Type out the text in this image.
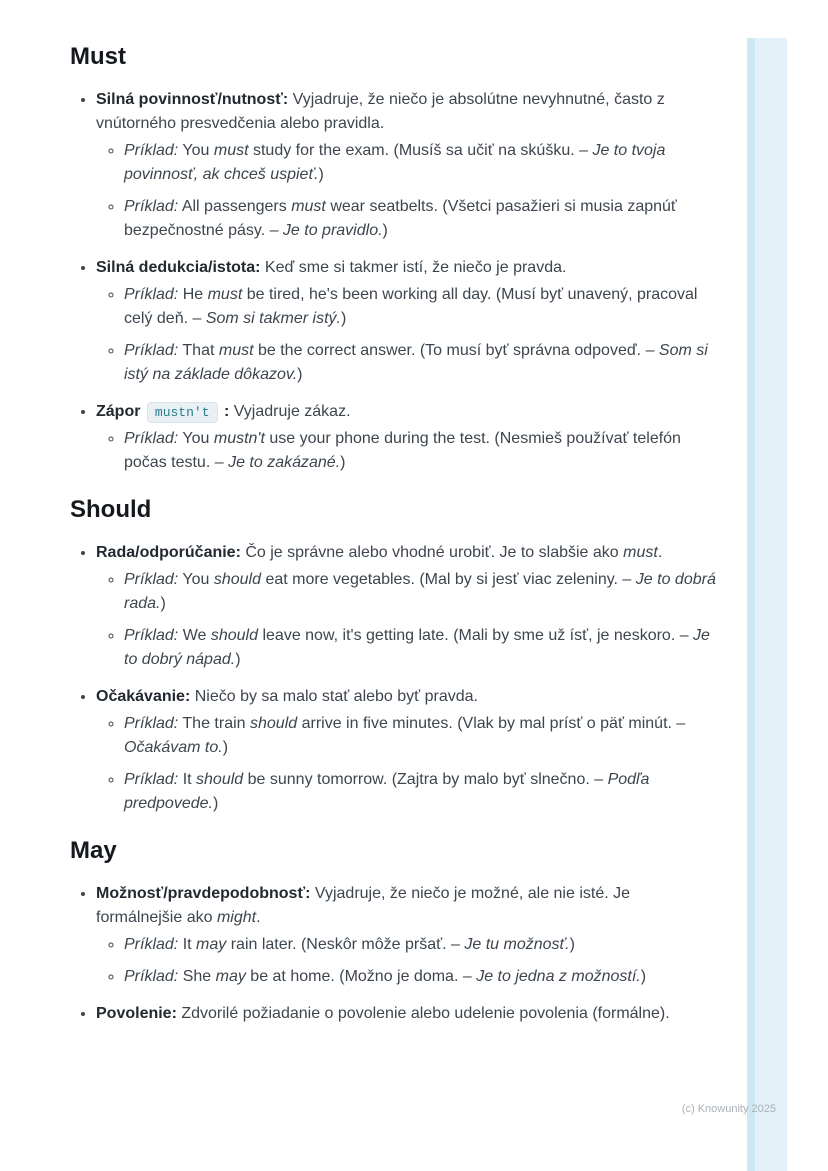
Must
• Silná povinnosť/nutnosť: Vyjadruje, že niečo je absolútne nevyhnutné, často z vnútorného presvedčenia alebo pravidla.
◦ Príklad: You must study for the exam. (Musíš sa učiť na skúšku. – Je to tvoja povinnosť, ak chceš uspieť.)
◦ Príklad: All passengers must wear seatbelts. (Všetci pasažieri si musia zapnúť bezpečnostné pásy. – Je to pravidlo.)
• Silná dedukcia/istota: Keď sme si takmer istí, že niečo je pravda.
◦ Príklad: He must be tired, he's been working all day. (Musí byť unavený, pracoval celý deň. – Som si takmer istý.)
◦ Príklad: That must be the correct answer. (To musí byť správna odpoveď. – Som si istý na základe dôkazov.)
• Zápor mustn't : Vyjadruje zákaz.
◦ Príklad: You mustn't use your phone during the test. (Nesmieš používať telefón počas testu. – Je to zakázané.)
Should
• Rada/odporúčanie: Čo je správne alebo vhodné urobiť. Je to slabšie ako must.
◦ Príklad: You should eat more vegetables. (Mal by si jesť viac zeleniny. – Je to dobrá rada.)
◦ Príklad: We should leave now, it's getting late. (Mali by sme už ísť, je neskoro. – Je to dobrý nápad.)
• Očakávanie: Niečo by sa malo stať alebo byť pravda.
◦ Príklad: The train should arrive in five minutes. (Vlak by mal prísť o päť minút. – Očakávam to.)
◦ Príklad: It should be sunny tomorrow. (Zajtra by malo byť slnečno. – Podľa predpovede.)
May
• Možnosť/pravdepodobnosť: Vyjadruje, že niečo je možné, ale nie isté. Je formálnejšie ako might.
◦ Príklad: It may rain later. (Neskôr môže pršať. – Je tu možnosť.)
◦ Príklad: She may be at home. (Možno je doma. – Je to jedna z možností.)
• Povolenie: Zdvorilé požiadanie o povolenie alebo udelenie povolenia (formálne).
(c) Knowunity 2025
